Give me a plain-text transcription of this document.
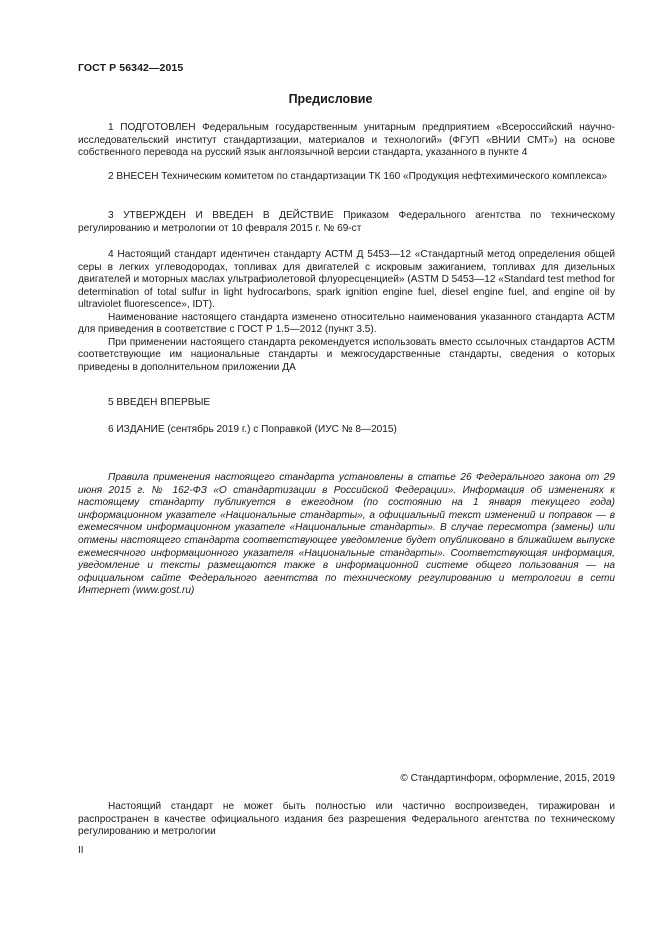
ГОСТ Р 56342—2015
Предисловие

1 ПОДГОТОВЛЕН Федеральным государственным унитарным предприятием «Всероссийский научно-исследовательский институт стандартизации, материалов и технологий» (ФГУП «ВНИИ СМТ») на основе собственного перевода на русский язык англоязычной версии стандарта, указанного в пункте 4

2 ВНЕСЕН Техническим комитетом по стандартизации ТК 160 «Продукция нефтехимического комплекса»

3 УТВЕРЖДЕН И ВВЕДЕН В ДЕЙСТВИЕ Приказом Федерального агентства по техническому регулированию и метрологии от 10 февраля 2015 г. № 69-ст

4 Настоящий стандарт идентичен стандарту АСТМ Д 5453—12 «Стандартный метод определения общей серы в легких углеводородах, топливах для двигателей с искровым зажиганием, топливах для дизельных двигателей и моторных маслах ультрафиолетовой флуоресценцией» (ASTM D 5453—12 «Standard test method for determination of total sulfur in light hydrocarbons, spark ignition engine fuel, diesel engine fuel, and engine oil by ultraviolet fluorescence», IDT).

Наименование настоящего стандарта изменено относительно наименования указанного стандарта АСТМ для приведения в соответствие с ГОСТ Р 1.5—2012 (пункт 3.5).

При применении настоящего стандарта рекомендуется использовать вместо ссылочных стандартов АСТМ соответствующие им национальные стандарты и межгосударственные стандарты, сведения о которых приведены в дополнительном приложении ДА

5 ВВЕДЕН ВПЕРВЫЕ

6 ИЗДАНИЕ (сентябрь 2019 г.) с Поправкой (ИУС № 8—2015)

Правила применения настоящего стандарта установлены в статье 26 Федерального закона от 29 июня 2015 г. № 162-ФЗ «О стандартизации в Российской Федерации». Информация об изменениях к настоящему стандарту публикуется в ежегодном (по состоянию на 1 января текущего года) информационном указателе «Национальные стандарты», а официальный текст изменений и поправок — в ежемесячном информационном указателе «Национальные стандарты». В случае пересмотра (замены) или отмены настоящего стандарта соответствующее уведомление будет опубликовано в ближайшем выпуске ежемесячного информационного указателя «Национальные стандарты». Соответствующая информация, уведомление и тексты размещаются также в информационной системе общего пользования — на официальном сайте Федерального агентства по техническому регулированию и метрологии в сети Интернет (www.gost.ru)

© Стандартинформ, оформление, 2015, 2019

Настоящий стандарт не может быть полностью или частично воспроизведен, тиражирован и распространен в качестве официального издания без разрешения Федерального агентства по техническому регулированию и метрологии

II
